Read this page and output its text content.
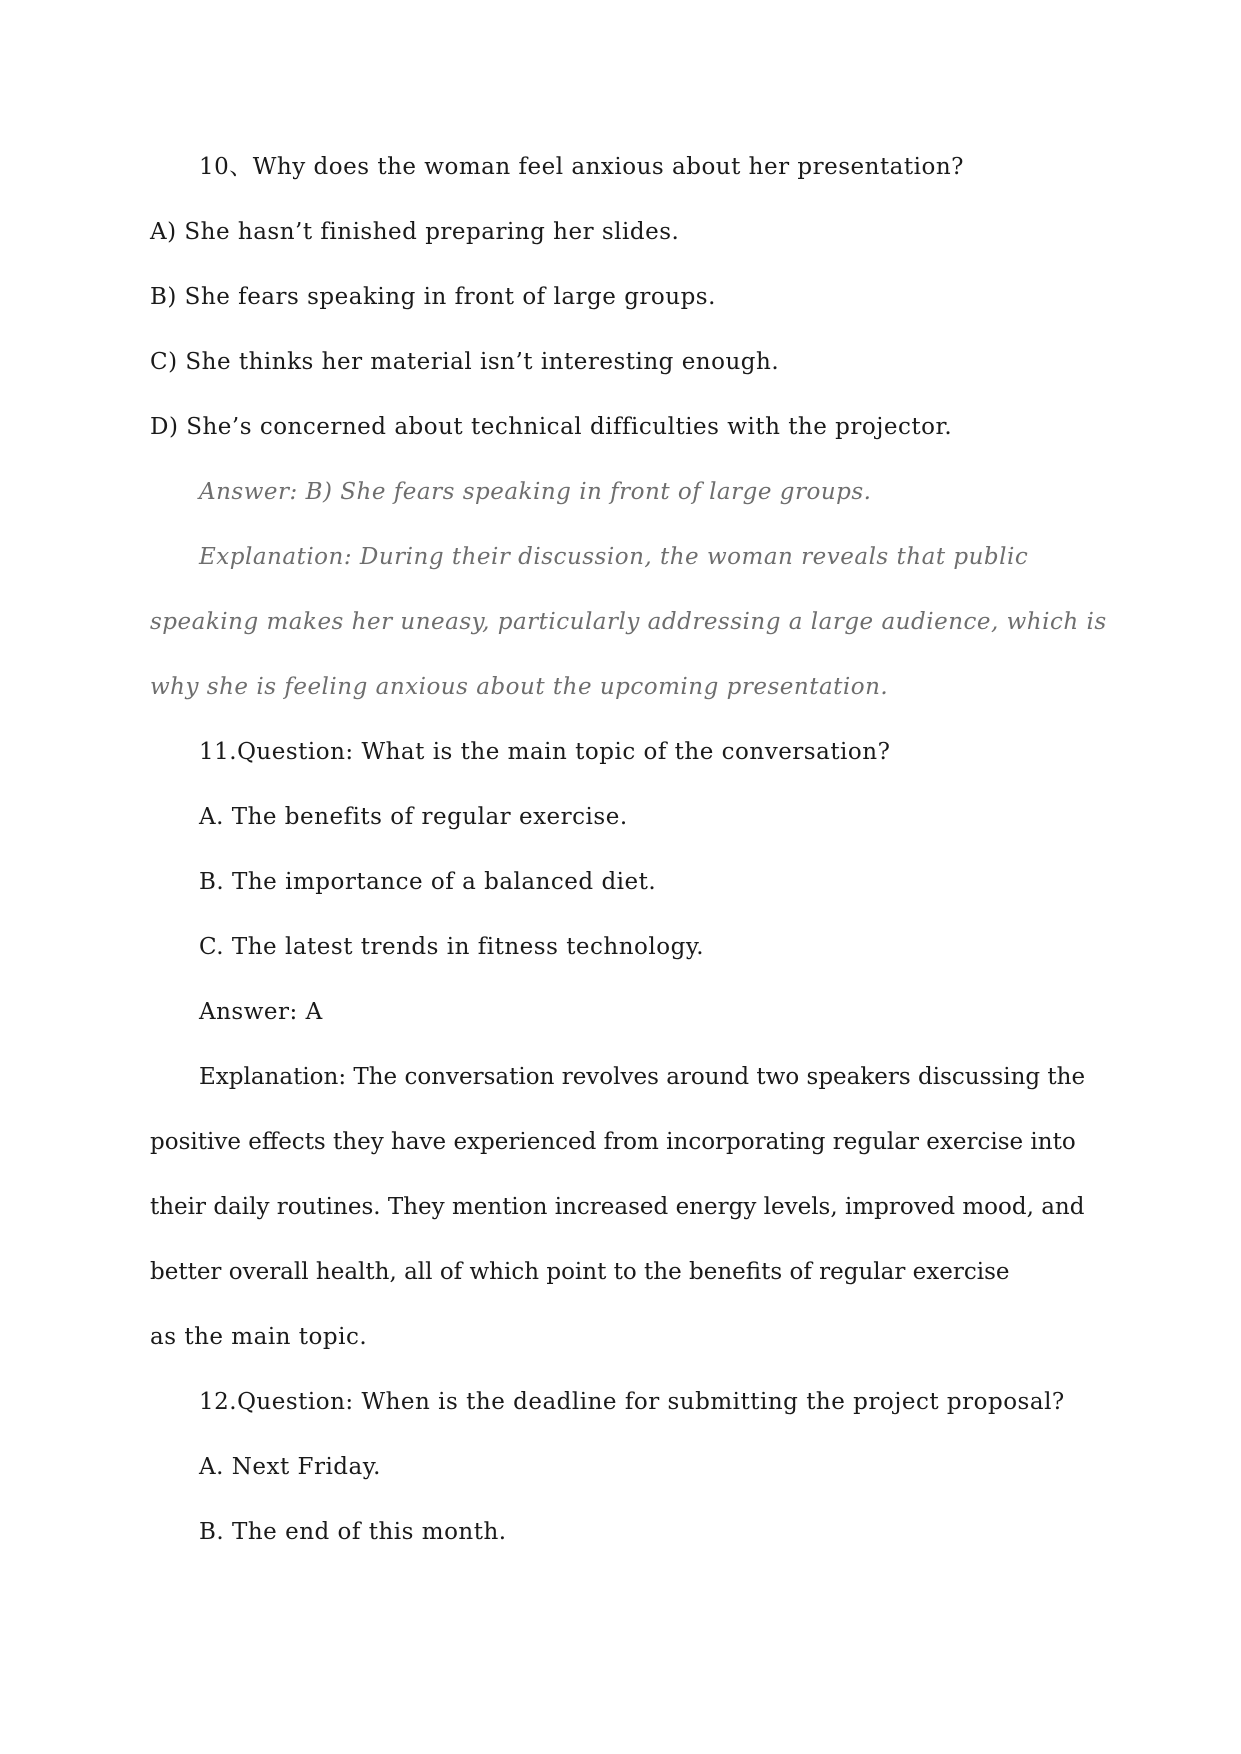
10、Why does the woman feel anxious about her presentation?
A) She hasn’t finished preparing her slides.
B) She fears speaking in front of large groups.
C) She thinks her material isn’t interesting enough.
D) She’s concerned about technical difficulties with the projector.
Answer: B) She fears speaking in front of large groups.
Explanation: During their discussion, the woman reveals that public
speaking makes her uneasy, particularly addressing a large audience, which is
why she is feeling anxious about the upcoming presentation.
11.Question: What is the main topic of the conversation?
A. The benefits of regular exercise.
B. The importance of a balanced diet.
C. The latest trends in fitness technology.
Answer: A
Explanation: The conversation revolves around two speakers discussing the
positive effects they have experienced from incorporating regular exercise into
their daily routines. They mention increased energy levels, improved mood, and
better overall health, all of which point to the benefits of regular exercise
as the main topic.
12.Question: When is the deadline for submitting the project proposal?
A. Next Friday.
B. The end of this month.
